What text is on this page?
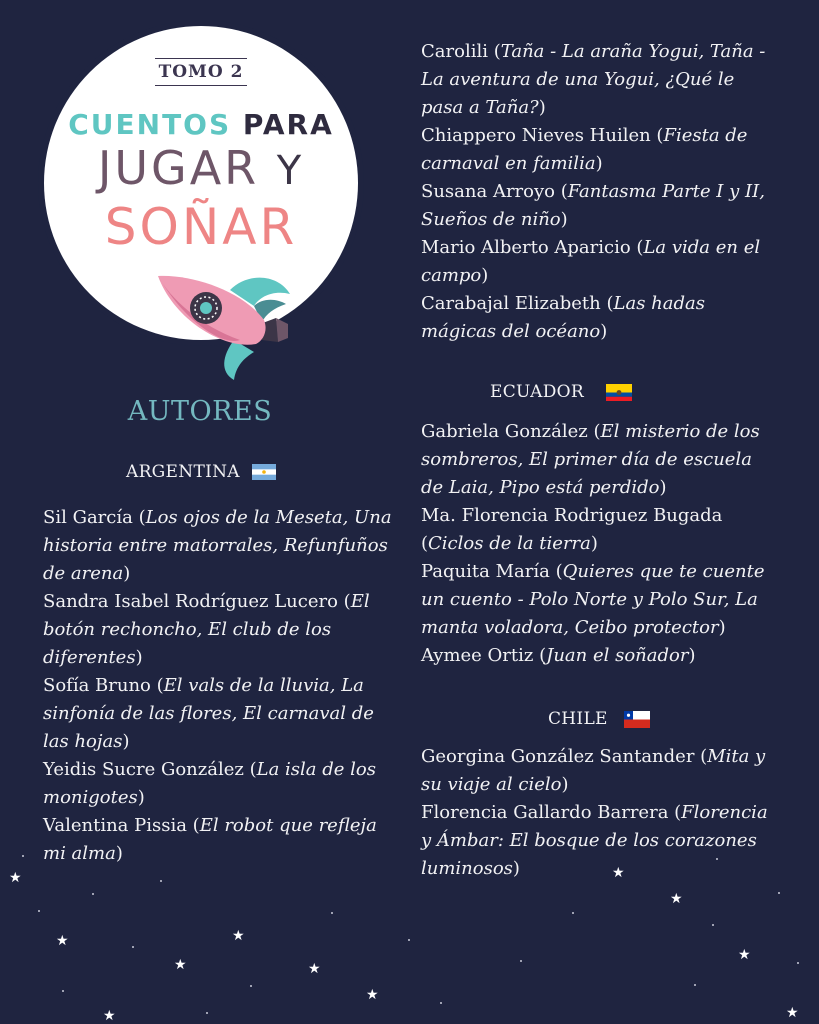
TOMO 2
CUENTOS PARA
JUGAR Y
SOÑAR
AUTORES
ARGENTINA

Sil García (Los ojos de la Meseta, Una historia entre matorrales, Refunfuños de arena)

Sandra Isabel Rodríguez Lucero (El botón rechoncho, El club de los diferentes)

Sofía Bruno (El vals de la lluvia, La sinfonía de las flores, El carnaval de las hojas)

Yeidis Sucre González (La isla de los monigotes)

Valentina Pissia (El robot que refleja mi alma)

Carolili (Taña - La araña Yogui, Taña - La aventura de una Yogui, ¿Qué le pasa a Taña?)

Chiappero Nieves Huilen (Fiesta de carnaval en familia)

Susana Arroyo (Fantasma Parte I y II, Sueños de niño)

Mario Alberto Aparicio (La vida en el campo)

Carabajal Elizabeth (Las hadas mágicas del océano)

ECUADOR

Gabriela González (El misterio de los sombreros, El primer día de escuela de Laia, Pipo está perdido)

Ma. Florencia Rodriguez Bugada (Ciclos de la tierra)

Paquita María (Quieres que te cuente un cuento - Polo Norte y Polo Sur, La manta voladora, Ceibo protector)

Aymee Ortiz (Juan el soñador)

CHILE

Georgina González Santander (Mita y su viaje al cielo)

Florencia Gallardo Barrera (Florencia y Ámbar: El bosque de los corazones luminosos)

★
★
★
★
★
★
★
★
★
★
★
